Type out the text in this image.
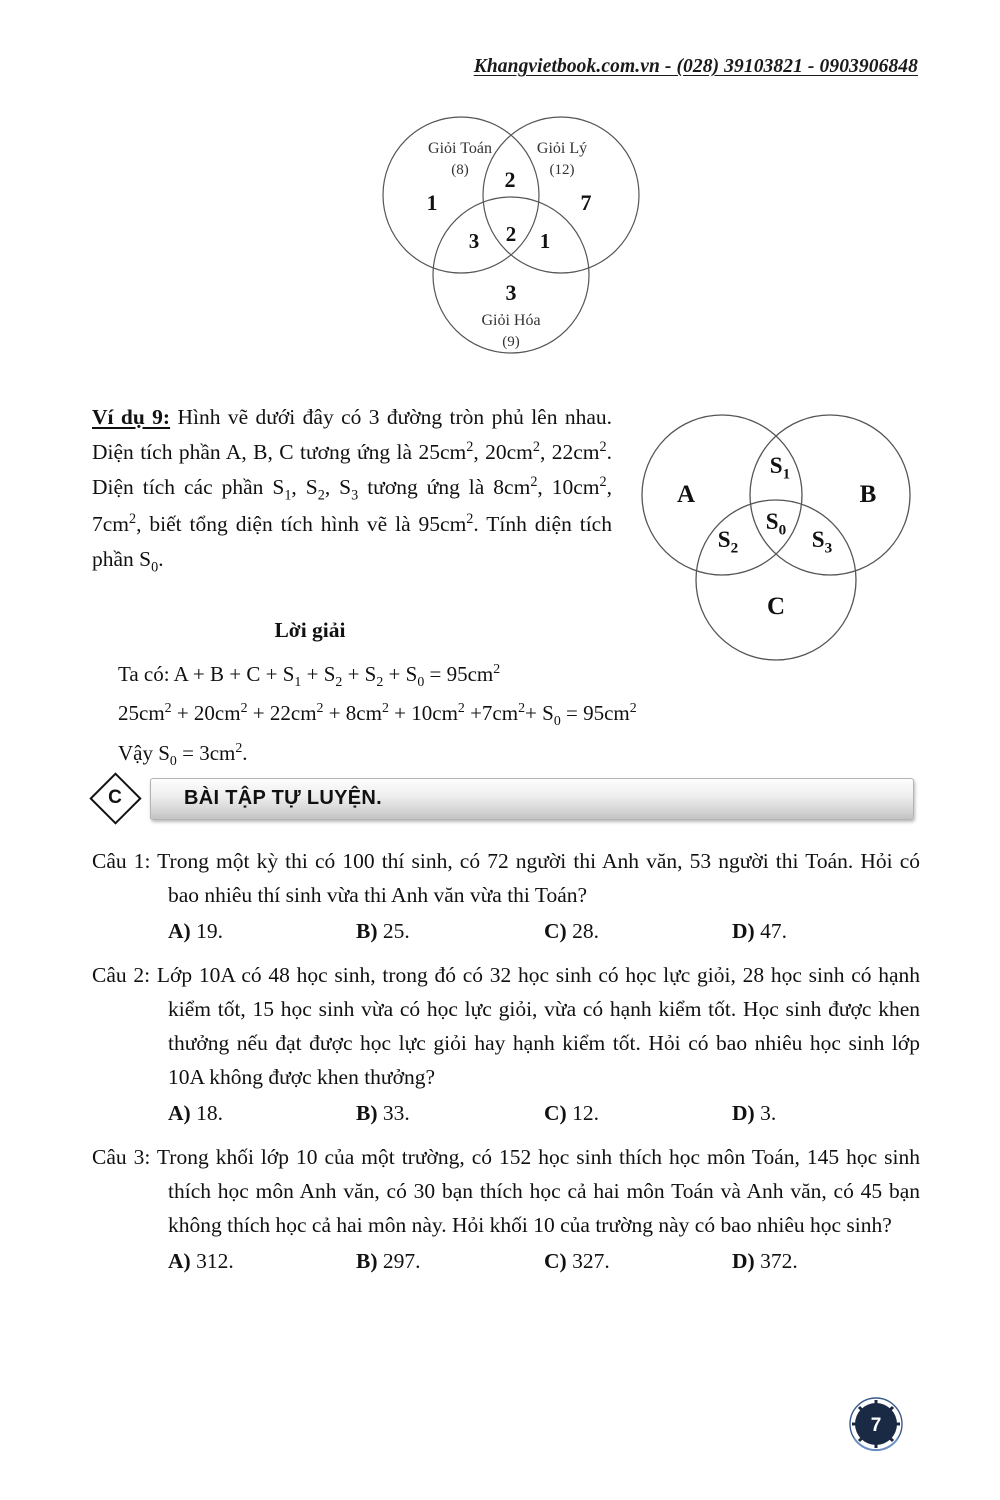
Khangvietbook.com.vn - (028) 39103821 - 0903906848
Giỏi Toán
(8)
Giỏi Lý
(12)
Giỏi Hóa
(9)
1
2
7
3	2	1
3

Ví dụ 9: Hình vẽ dưới đây có 3 đường tròn phủ lên nhau. Diện tích phần A, B, C tương ứng là $25cm^2$, $20cm^2$, $22cm^2$. Diện tích các phần $S_1$, $S_2$, $S_3$ tương ứng là $8cm^2$, $10cm^2$, $7cm^2$, biết tổng diện tích hình vẽ là $95cm^2$. Tính diện tích phần $S_0$.

A	B
C
$S_1$
$S_0$
$S_2$	$S_3$
Lời giải
Ta có: $A + B + C + S_1 + S_2 + S_2 + S_0 = 95cm^2$
$25cm^2 + 20cm^2 + 22cm^2 + 8cm^2 + 10cm^2 +7cm^2+ S_0 = 95cm^2$
Vậy $S_0 = 3cm^2$.
BÀI TẬP TỰ LUYỆN.
C

Câu 1: Trong một kỳ thi có 100 thí sinh, có 72 người thi Anh văn, 53 người thi Toán. Hỏi có bao nhiêu thí sinh vừa thi Anh văn vừa thi Toán?

A) 19.	B) 25.	C) 28.	D) 47.

Câu 2: Lớp 10A có 48 học sinh, trong đó có 32 học sinh có học lực giỏi, 28 học sinh có hạnh kiểm tốt, 15 học sinh vừa có học lực giỏi, vừa có hạnh kiểm tốt. Học sinh được khen thưởng nếu đạt được học lực giỏi hay hạnh kiểm tốt. Hỏi có bao nhiêu học sinh lớp 10A không được khen thưởng?

A) 18.	B) 33.	C) 12.	D) 3.

Câu 3: Trong khối lớp 10 của một trường, có 152 học sinh thích học môn Toán, 145 học sinh thích học môn Anh văn, có 30 bạn thích học cả hai môn Toán và Anh văn, có 45 bạn không thích học cả hai môn này. Hỏi khối 10 của trường này có bao nhiêu học sinh?

A) 312.	B) 297.	C) 327.	D) 372.
7
